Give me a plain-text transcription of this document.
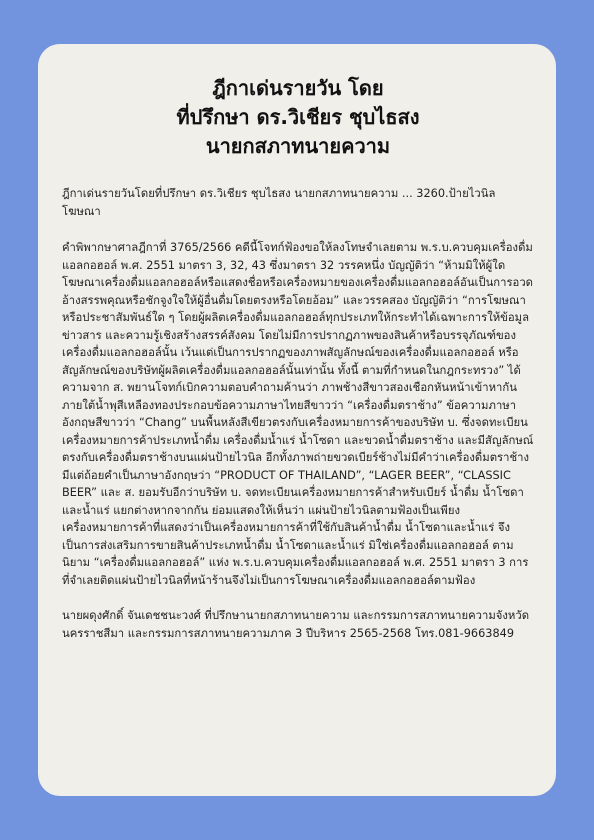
ฎีกาเด่นรายวัน โดย
ที่ปรึกษา ดร.วิเชียร ชุบไธสง
นายกสภาทนายความ

ฎีกาเด่นรายวันโดยที่ปรึกษา ดร.วิเชียร ชุบไธสง นายกสภาทนายความ ... 3260.ป้ายไวนิลโฆษณา

คำพิพากษาศาลฎีกาที่ 3765/2566 คดีนี้โจทก์ฟ้องขอให้ลงโทษจำเลยตาม พ.ร.บ.ควบคุมเครื่องดื่มแอลกอฮอล์ พ.ศ. 2551 มาตรา 3, 32, 43 ซึ่งมาตรา 32 วรรคหนึ่ง บัญญัติว่า “ห้ามมิให้ผู้ใดโฆษณาเครื่องดื่มแอลกอฮอล์หรือแสดงชื่อหรือเครื่องหมายของเครื่องดื่มแอลกอฮอล์อันเป็นการอวดอ้างสรรพคุณหรือชักจูงใจให้ผู้อื่นดื่มโดยตรงหรือโดยอ้อม” และวรรคสอง บัญญัติว่า “การโฆษณาหรือประชาสัมพันธ์ใด ๆ โดยผู้ผลิตเครื่องดื่มแอลกอฮอล์ทุกประเภทให้กระทำได้เฉพาะการให้ข้อมูลข่าวสาร และความรู้เชิงสร้างสรรค์สังคม โดยไม่มีการปรากฏภาพของสินค้าหรือบรรจุภัณฑ์ของเครื่องดื่มแอลกอฮอล์นั้น เว้นแต่เป็นการปรากฏของภาพสัญลักษณ์ของเครื่องดื่มแอลกอฮอล์ หรือสัญลักษณ์ของบริษัทผู้ผลิตเครื่องดื่มแอลกอฮอล์นั้นเท่านั้น ทั้งนี้ ตามที่กำหนดในกฎกระทรวง” ได้ความจาก ส. พยานโจทก์เบิกความตอบคำถามค้านว่า ภาพช้างสีขาวสองเชือกหันหน้าเข้าหากันภายใต้น้ำพุสีเหลืองทองประกอบข้อความภาษาไทยสีขาวว่า “เครื่องดื่มตราช้าง” ข้อความภาษาอังกฤษสีขาวว่า “Chang” บนพื้นหลังสีเขียวตรงกับเครื่องหมายการค้าของบริษัท บ. ซึ่งจดทะเบียนเครื่องหมายการค้าประเภทน้ำดื่ม เครื่องดื่มน้ำแร่ น้ำโซดา และขวดน้ำดื่มตราช้าง และมีสัญลักษณ์ตรงกับเครื่องดื่มตราช้างบนแผ่นป้ายไวนิล อีกทั้งภาพถ่ายขวดเบียร์ช้างไม่มีคำว่าเครื่องดื่มตราช้าง มีแต่ถ้อยคำเป็นภาษาอังกฤษว่า “PRODUCT OF THAILAND”, “LAGER BEER”, “CLASSIC BEER” และ ส. ยอมรับอีกว่าบริษัท บ. จดทะเบียนเครื่องหมายการค้าสำหรับเบียร์ น้ำดื่ม น้ำโซดาและน้ำแร่ แยกต่างหากจากกัน ย่อมแสดงให้เห็นว่า แผ่นป้ายไวนิลตามฟ้องเป็นเพียงเครื่องหมายการค้าที่แสดงว่าเป็นเครื่องหมายการค้าที่ใช้กับสินค้าน้ำดื่ม น้ำโซดาและน้ำแร่ จึงเป็นการส่งเสริมการขายสินค้าประเภทน้ำดื่ม น้ำโซดาและน้ำแร่ มิใช่เครื่องดื่มแอลกอฮอล์ ตามนิยาม “เครื่องดื่มแอลกอฮอล์” แห่ง พ.ร.บ.ควบคุมเครื่องดื่มแอลกอฮอล์ พ.ศ. 2551 มาตรา 3 การที่จำเลยติดแผ่นป้ายไวนิลที่หน้าร้านจึงไม่เป็นการโฆษณาเครื่องดื่มแอลกอฮอล์ตามฟ้อง

นายผดุงศักดิ์ จันเดชชนะวงศ์ ที่ปรึกษานายกสภาทนายความ และกรรมการสภาทนายความจังหวัดนครราชสีมา และกรรมการสภาทนายความภาค 3 ปีบริหาร 2565-2568 โทร.081-9663849
